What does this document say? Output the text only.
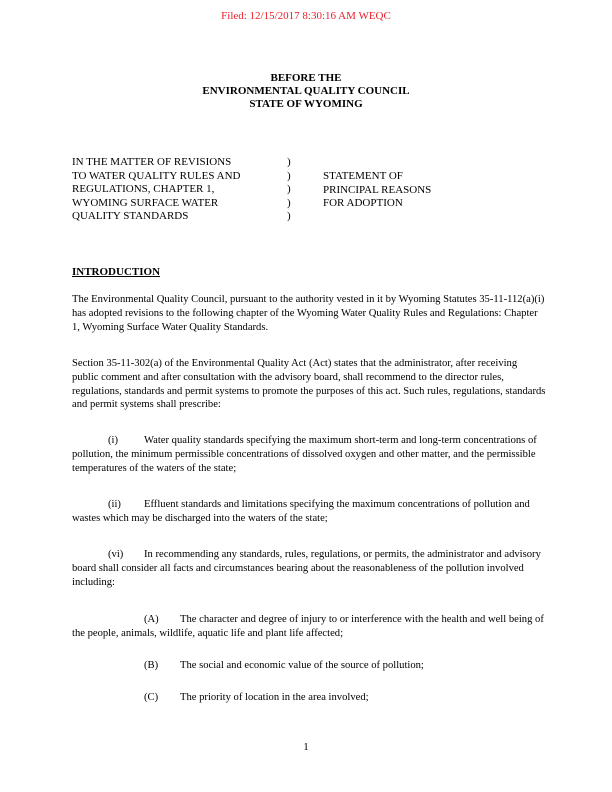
Filed: 12/15/2017 8:30:16 AM WEQC
BEFORE THE
ENVIRONMENTAL QUALITY COUNCIL
STATE OF WYOMING
IN THE MATTER OF REVISIONS
TO WATER QUALITY RULES AND
REGULATIONS, CHAPTER 1,
WYOMING SURFACE WATER
QUALITY STANDARDS
)
)
)
)
)
STATEMENT OF
PRINCIPAL REASONS
FOR ADOPTION
INTRODUCTION

The Environmental Quality Council, pursuant to the authority vested in it by Wyoming Statutes 35-11-112(a)(i) has adopted revisions to the following chapter of the Wyoming Water Quality Rules and Regulations: Chapter 1, Wyoming Surface Water Quality Standards.

Section 35-11-302(a) of the Environmental Quality Act (Act) states that the administrator, after receiving public comment and after consultation with the advisory board, shall recommend to the director rules, regulations, standards and permit systems to promote the purposes of this act. Such rules, regulations, standards and permit systems shall prescribe:

(i) Water quality standards specifying the maximum short-term and long-term concentrations of pollution, the minimum permissible concentrations of dissolved oxygen and other matter, and the permissible temperatures of the waters of the state;

(ii) Effluent standards and limitations specifying the maximum concentrations of pollution and wastes which may be discharged into the waters of the state;

(vi) In recommending any standards, rules, regulations, or permits, the administrator and advisory board shall consider all facts and circumstances bearing about the reasonableness of the pollution involved including:

(A) The character and degree of injury to or interference with the health and well being of the people, animals, wildlife, aquatic life and plant life affected;

(B) The social and economic value of the source of pollution;

(C) The priority of location in the area involved;

1
